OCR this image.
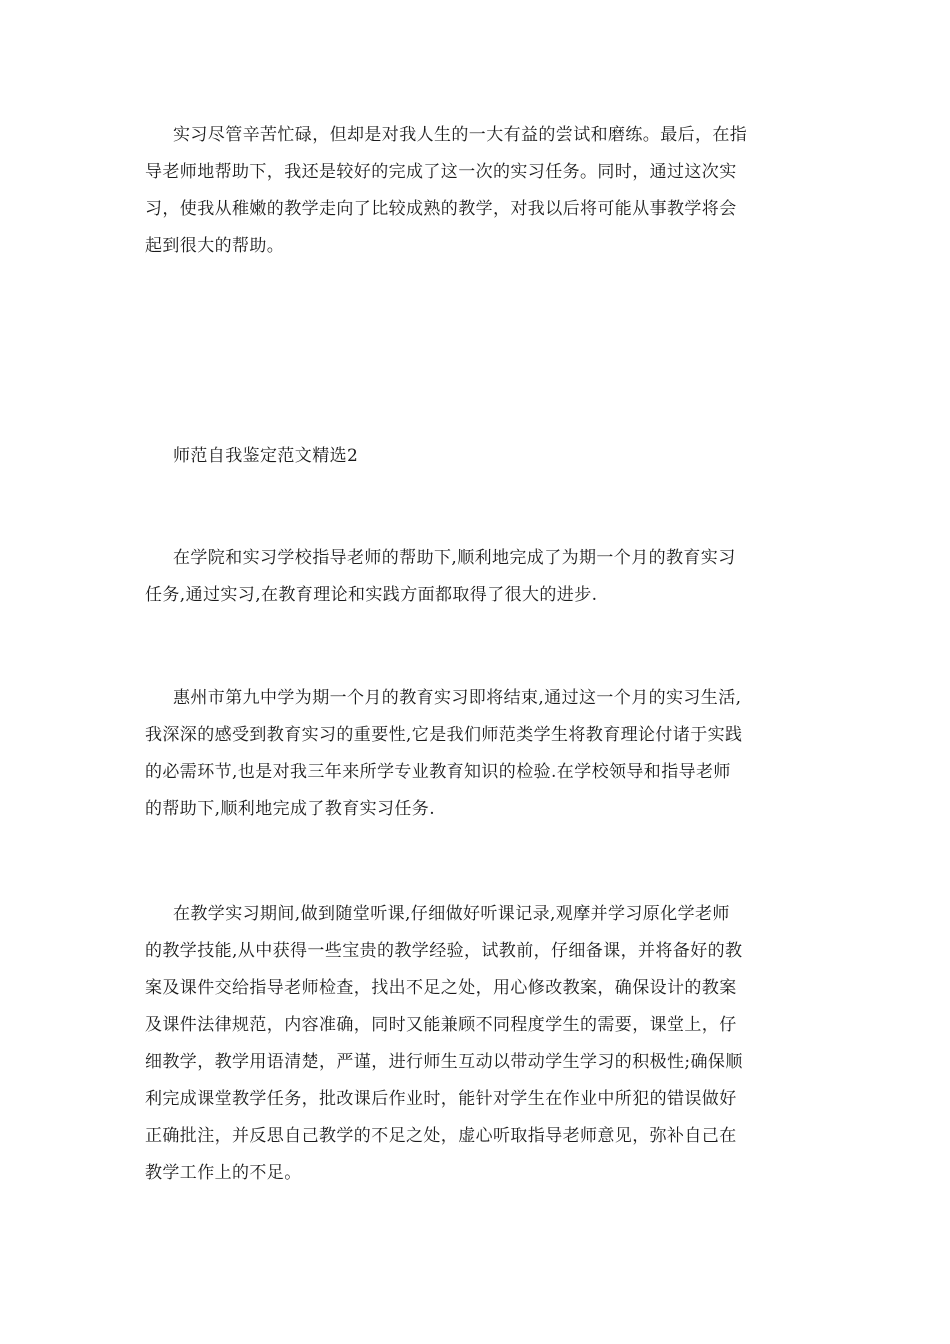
实习尽管辛苦忙碌，但却是对我人生的一大有益的尝试和磨练。最后，在指
导老师地帮助下，我还是较好的完成了这一次的实习任务。同时，通过这次实
习，使我从稚嫩的教学走向了比较成熟的教学，对我以后将可能从事教学将会
起到很大的帮助。
师范自我鉴定范文精选2
在学院和实习学校指导老师的帮助下,顺利地完成了为期一个月的教育实习
任务,通过实习,在教育理论和实践方面都取得了很大的进步.
惠州市第九中学为期一个月的教育实习即将结束,通过这一个月的实习生活,
我深深的感受到教育实习的重要性,它是我们师范类学生将教育理论付诸于实践
的必需环节,也是对我三年来所学专业教育知识的检验.在学校领导和指导老师
的帮助下,顺利地完成了教育实习任务.
在教学实习期间,做到随堂听课,仔细做好听课记录,观摩并学习原化学老师
的教学技能,从中获得一些宝贵的教学经验，试教前，仔细备课，并将备好的教
案及课件交给指导老师检查，找出不足之处，用心修改教案，确保设计的教案
及课件法律规范，内容准确，同时又能兼顾不同程度学生的需要，课堂上，仔
细教学，教学用语清楚，严谨，进行师生互动以带动学生学习的积极性;确保顺
利完成课堂教学任务，批改课后作业时，能针对学生在作业中所犯的错误做好
正确批注，并反思自己教学的不足之处，虚心听取指导老师意见，弥补自己在
教学工作上的不足。
